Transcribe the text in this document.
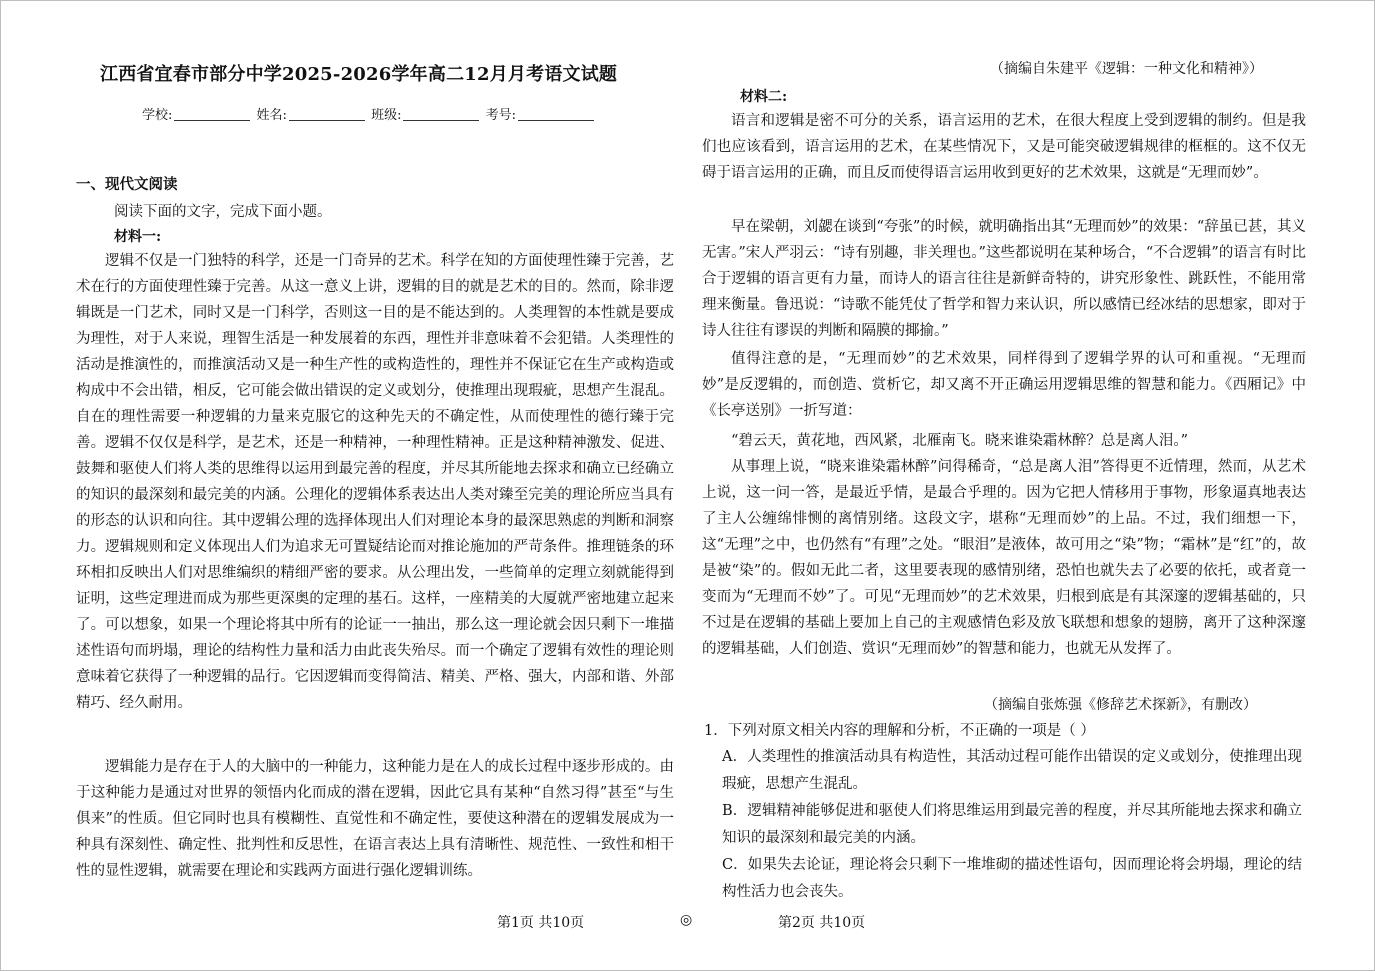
江西省宜春市部分中学2025-2026学年高二12月月考语文试题
学校:	姓名:	班级:	考号:
一、现代文阅读
阅读下面的文字，完成下面小题。
材料一:
逻辑不仅是一门独特的科学，还是一门奇异的艺术。科学在知的方面使理性臻于完善，艺术在行的方面使理性臻于完善。从这一意义上讲，逻辑的目的就是艺术的目的。然而，除非逻辑既是一门艺术，同时又是一门科学，否则这一目的是不能达到的。人类理智的本性就是要成为理性，对于人来说，理智生活是一种发展着的东西，理性并非意味着不会犯错。人类理性的活动是推演性的，而推演活动又是一种生产性的或构造性的，理性并不保证它在生产或构造或构成中不会出错，相反，它可能会做出错误的定义或划分，使推理出现瑕疵，思想产生混乱。自在的理性需要一种逻辑的力量来克服它的这种先天的不确定性，从而使理性的德行臻于完善。逻辑不仅仅是科学，是艺术，还是一种精神，一种理性精神。正是这种精神激发、促进、鼓舞和驱使人们将人类的思维得以运用到最完善的程度，并尽其所能地去探求和确立已经确立的知识的最深刻和最完美的内涵。公理化的逻辑体系表达出人类对臻至完美的理论所应当具有的形态的认识和向往。其中逻辑公理的选择体现出人们对理论本身的最深思熟虑的判断和洞察力。逻辑规则和定义体现出人们为追求无可置疑结论而对推论施加的严苛条件。推理链条的环环相扣反映出人们对思维编织的精细严密的要求。从公理出发，一些简单的定理立刻就能得到证明，这些定理进而成为那些更深奥的定理的基石。这样，一座精美的大厦就严密地建立起来了。可以想象，如果一个理论将其中所有的论证一一抽出，那么这一理论就会因只剩下一堆描述性语句而坍塌，理论的结构性力量和活力由此丧失殆尽。而一个确定了逻辑有效性的理论则意味着它获得了一种逻辑的品行。它因逻辑而变得简洁、精美、严格、强大，内部和谐、外部精巧、经久耐用。
逻辑能力是存在于人的大脑中的一种能力，这种能力是在人的成长过程中逐步形成的。由于这种能力是通过对世界的领悟内化而成的潜在逻辑，因此它具有某种“自然习得”甚至“与生俱来”的性质。但它同时也具有模糊性、直觉性和不确定性，要使这种潜在的逻辑发展成为一种具有深刻性、确定性、批判性和反思性，在语言表达上具有清晰性、规范性、一致性和相干性的显性逻辑，就需要在理论和实践两方面进行强化逻辑训练。
（摘编自朱建平《逻辑：一种文化和精神》）
材料二:
语言和逻辑是密不可分的关系，语言运用的艺术，在很大程度上受到逻辑的制约。但是我们也应该看到，语言运用的艺术，在某些情况下，又是可能突破逻辑规律的框框的。这不仅无碍于语言运用的正确，而且反而使得语言运用收到更好的艺术效果，这就是“无理而妙”。
早在梁朝，刘勰在谈到“夸张”的时候，就明确指出其“无理而妙”的效果：“辞虽已甚，其义无害。”宋人严羽云：“诗有别趣，非关理也。”这些都说明在某种场合，“不合逻辑”的语言有时比合于逻辑的语言更有力量，而诗人的语言往往是新鲜奇特的，讲究形象性、跳跃性，不能用常理来衡量。鲁迅说：“诗歌不能凭仗了哲学和智力来认识，所以感情已经冰结的思想家，即对于诗人往往有谬误的判断和隔膜的揶揄。”
值得注意的是，“无理而妙”的艺术效果，同样得到了逻辑学界的认可和重视。“无理而妙”是反逻辑的，而创造、赏析它，却又离不开正确运用逻辑思维的智慧和能力。《西厢记》中《长亭送别》一折写道：
“碧云天，黄花地，西风紧，北雁南飞。晓来谁染霜林醉？总是离人泪。”
从事理上说，“晓来谁染霜林醉”问得稀奇，“总是离人泪”答得更不近情理，然而，从艺术上说，这一问一答，是最近乎情，是最合乎理的。因为它把人情移用于事物，形象逼真地表达了主人公缠绵悱恻的离情别绪。这段文字，堪称“无理而妙”的上品。不过，我们细想一下，这“无理”之中，也仍然有“有理”之处。“眼泪”是液体，故可用之“染”物；“霜林”是“红”的，故是被“染”的。假如无此二者，这里要表现的感情别绪，恐怕也就失去了必要的依托，或者竟一变而为“无理而不妙”了。可见“无理而妙”的艺术效果，归根到底是有其深邃的逻辑基础的，只不过是在逻辑的基础上要加上自己的主观感情色彩及放飞联想和想象的翅膀，离开了这种深邃的逻辑基础，人们创造、赏识“无理而妙”的智慧和能力，也就无从发挥了。
（摘编自张炼强《修辞艺术探新》，有删改）
1．下列对原文相关内容的理解和分析，不正确的一项是（ ）
A．人类理性的推演活动具有构造性，其活动过程可能作出错误的定义或划分，使推理出现瑕疵，思想产生混乱。
B．逻辑精神能够促进和驱使人们将思维运用到最完善的程度，并尽其所能地去探求和确立知识的最深刻和最完美的内涵。
C．如果失去论证，理论将会只剩下一堆堆砌的描述性语句，因而理论将会坍塌，理论的结构性活力也会丧失。
第1页 共10页	◎	第2页 共10页
